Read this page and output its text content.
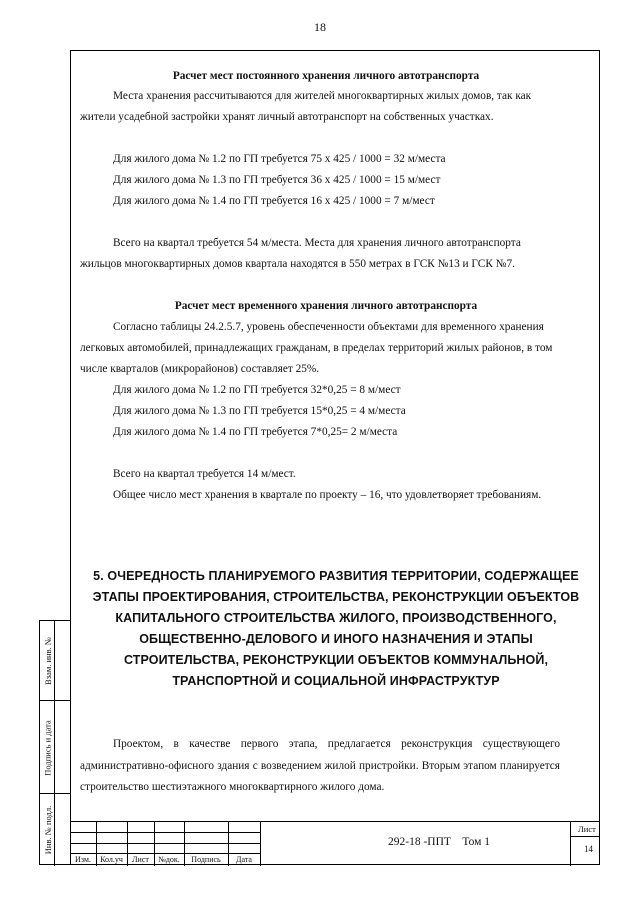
18
Расчет мест постоянного хранения личного автотранспорта
Места хранения рассчитываются для жителей многоквартирных жилых домов, так как жители усадебной застройки хранят личный автотранспорт на собственных участках.
Для жилого дома № 1.2 по ГП требуется 75 х 425 / 1000 = 32 м/места
Для жилого дома № 1.3 по ГП требуется 36 х 425 / 1000 = 15 м/мест
Для жилого дома № 1.4 по ГП требуется 16 х 425 / 1000 = 7 м/мест
Всего на квартал требуется 54 м/места. Места для хранения личного автотранспорта жильцов многоквартирных домов квартала находятся в 550 метрах в ГСК №13 и ГСК №7.
Расчет мест временного хранения личного автотранспорта
Согласно таблицы 24.2.5.7, уровень обеспеченности объектами для временного хранения легковых автомобилей, принадлежащих гражданам, в пределах территорий жилых районов, в том числе кварталов (микрорайонов) составляет 25%.
Для жилого дома № 1.2 по ГП требуется 32*0,25 = 8 м/мест
Для жилого дома № 1.3 по ГП требуется 15*0,25 = 4 м/места
Для жилого дома № 1.4 по ГП требуется 7*0,25= 2 м/места
Всего на квартал требуется 14 м/мест.
Общее число мест хранения в квартале по проекту – 16, что удовлетворяет требованиям.
5. ОЧЕРЕДНОСТЬ ПЛАНИРУЕМОГО РАЗВИТИЯ ТЕРРИТОРИИ, СОДЕРЖАЩЕЕ ЭТАПЫ ПРОЕКТИРОВАНИЯ, СТРОИТЕЛЬСТВА, РЕКОНСТРУКЦИИ ОБЪЕКТОВ КАПИТАЛЬНОГО СТРОИТЕЛЬСТВА ЖИЛОГО, ПРОИЗВОДСТВЕННОГО, ОБЩЕСТВЕННО-ДЕЛОВОГО И ИНОГО НАЗНАЧЕНИЯ И ЭТАПЫ СТРОИТЕЛЬСТВА, РЕКОНСТРУКЦИИ ОБЪЕКТОВ КОММУНАЛЬНОЙ, ТРАНСПОРТНОЙ И СОЦИАЛЬНОЙ ИНФРАСТРУКТУР
Проектом, в качестве первого этапа, предлагается реконструкция существующего административно-офисного здания с возведением жилой пристройки. Вторым этапом планируется строительство шестиэтажного многоквартирного жилого дома.
Взам. инв. №
Подпись и дата
Инв. № подл.
Изм.	Кол.уч	Лист	№док.	Подпись	Дата
292-18 -ППТ    Том 1
Лист
14
